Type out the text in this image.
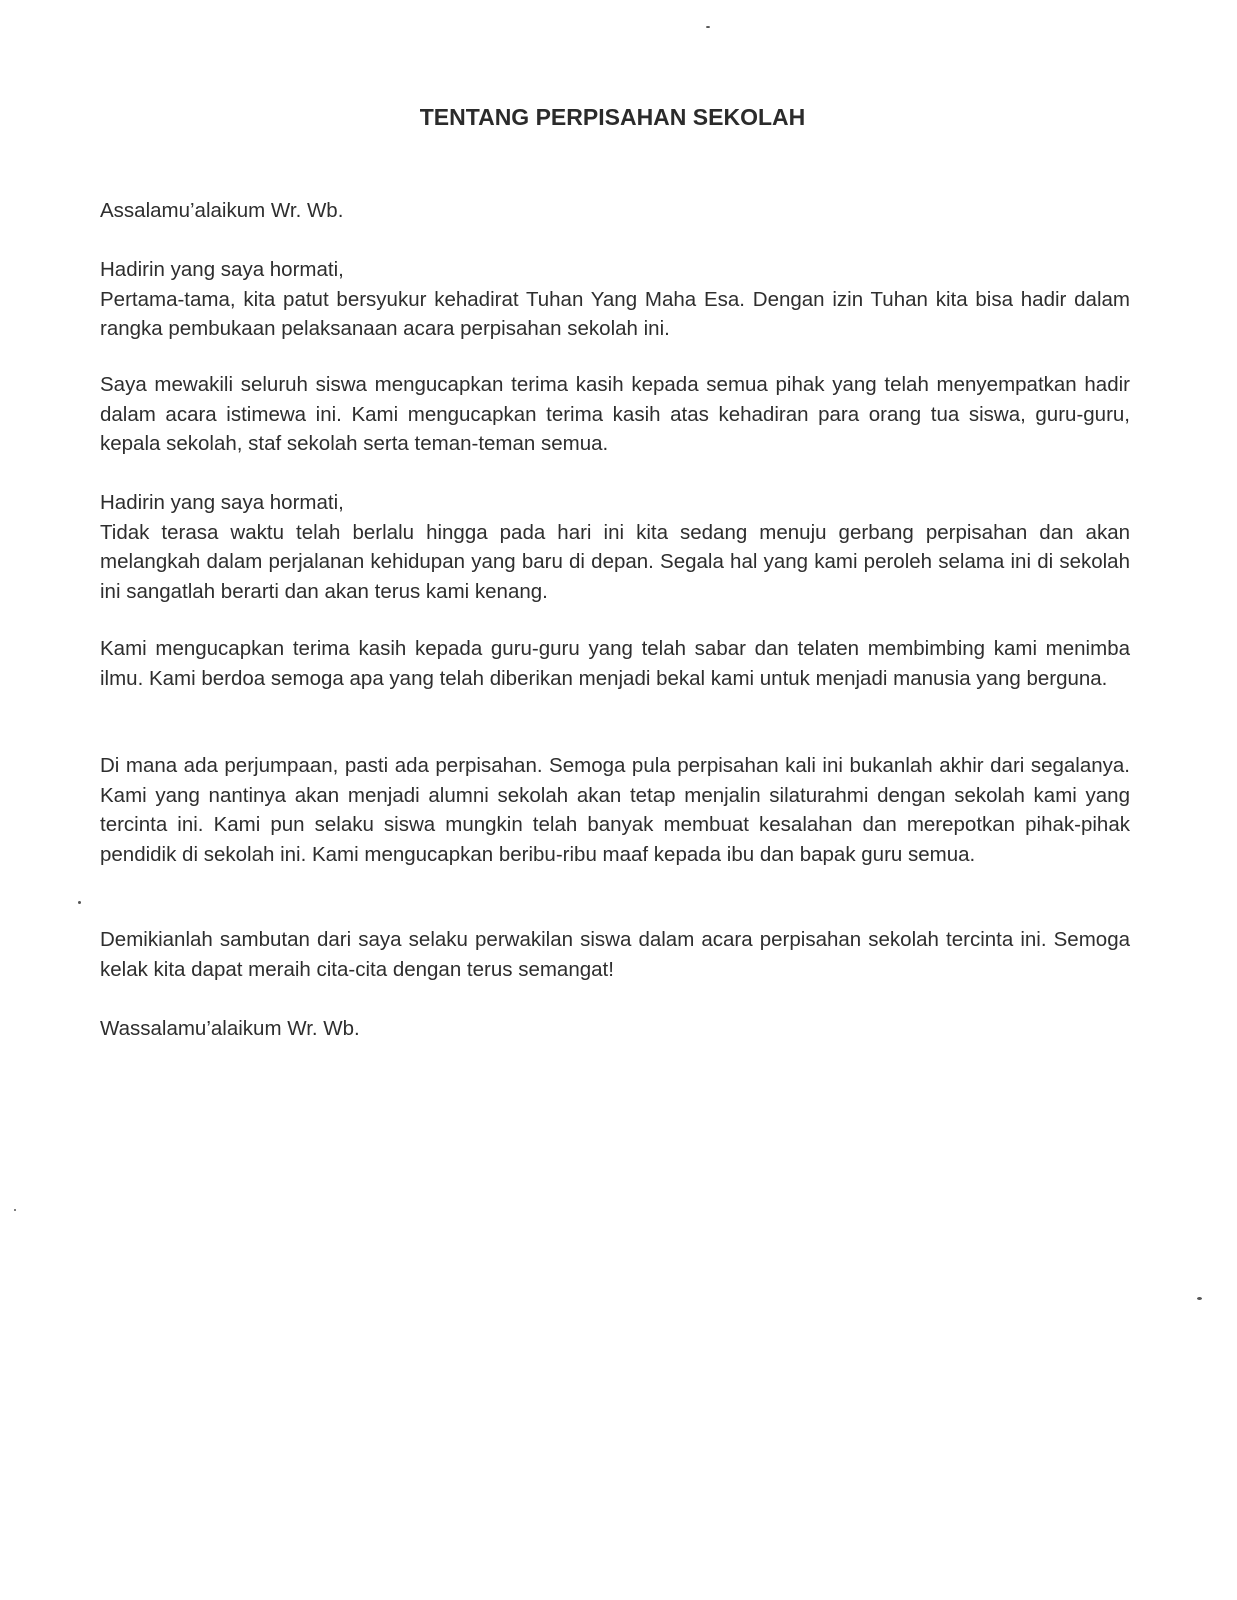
TENTANG PERPISAHAN SEKOLAH

Assalamu’alaikum Wr. Wb.

Hadirin yang saya hormati,

Pertama-tama, kita patut bersyukur kehadirat Tuhan Yang Maha Esa. Dengan izin Tuhan kita bisa hadir dalam rangka pembukaan pelaksanaan acara perpisahan sekolah ini.

Saya mewakili seluruh siswa mengucapkan terima kasih kepada semua pihak yang telah menyempatkan hadir dalam acara istimewa ini. Kami mengucapkan terima kasih atas kehadiran para orang tua siswa, guru-guru, kepala sekolah, staf sekolah serta teman-teman semua.

Hadirin yang saya hormati,

Tidak terasa waktu telah berlalu hingga pada hari ini kita sedang menuju gerbang perpisahan dan akan melangkah dalam perjalanan kehidupan yang baru di depan. Segala hal yang kami peroleh selama ini di sekolah ini sangatlah berarti dan akan terus kami kenang.

Kami mengucapkan terima kasih kepada guru-guru yang telah sabar dan telaten membimbing kami menimba ilmu. Kami berdoa semoga apa yang telah diberikan menjadi bekal kami untuk menjadi manusia yang berguna.

Di mana ada perjumpaan, pasti ada perpisahan. Semoga pula perpisahan kali ini bukanlah akhir dari segalanya. Kami yang nantinya akan menjadi alumni sekolah akan tetap menjalin silaturahmi dengan sekolah kami yang tercinta ini. Kami pun selaku siswa mungkin telah banyak membuat kesalahan dan merepotkan pihak-pihak pendidik di sekolah ini. Kami mengucapkan beribu-ribu maaf kepada ibu dan bapak guru semua.

Demikianlah sambutan dari saya selaku perwakilan siswa dalam acara perpisahan sekolah tercinta ini. Semoga kelak kita dapat meraih cita-cita dengan terus semangat!

Wassalamu’alaikum Wr. Wb.
